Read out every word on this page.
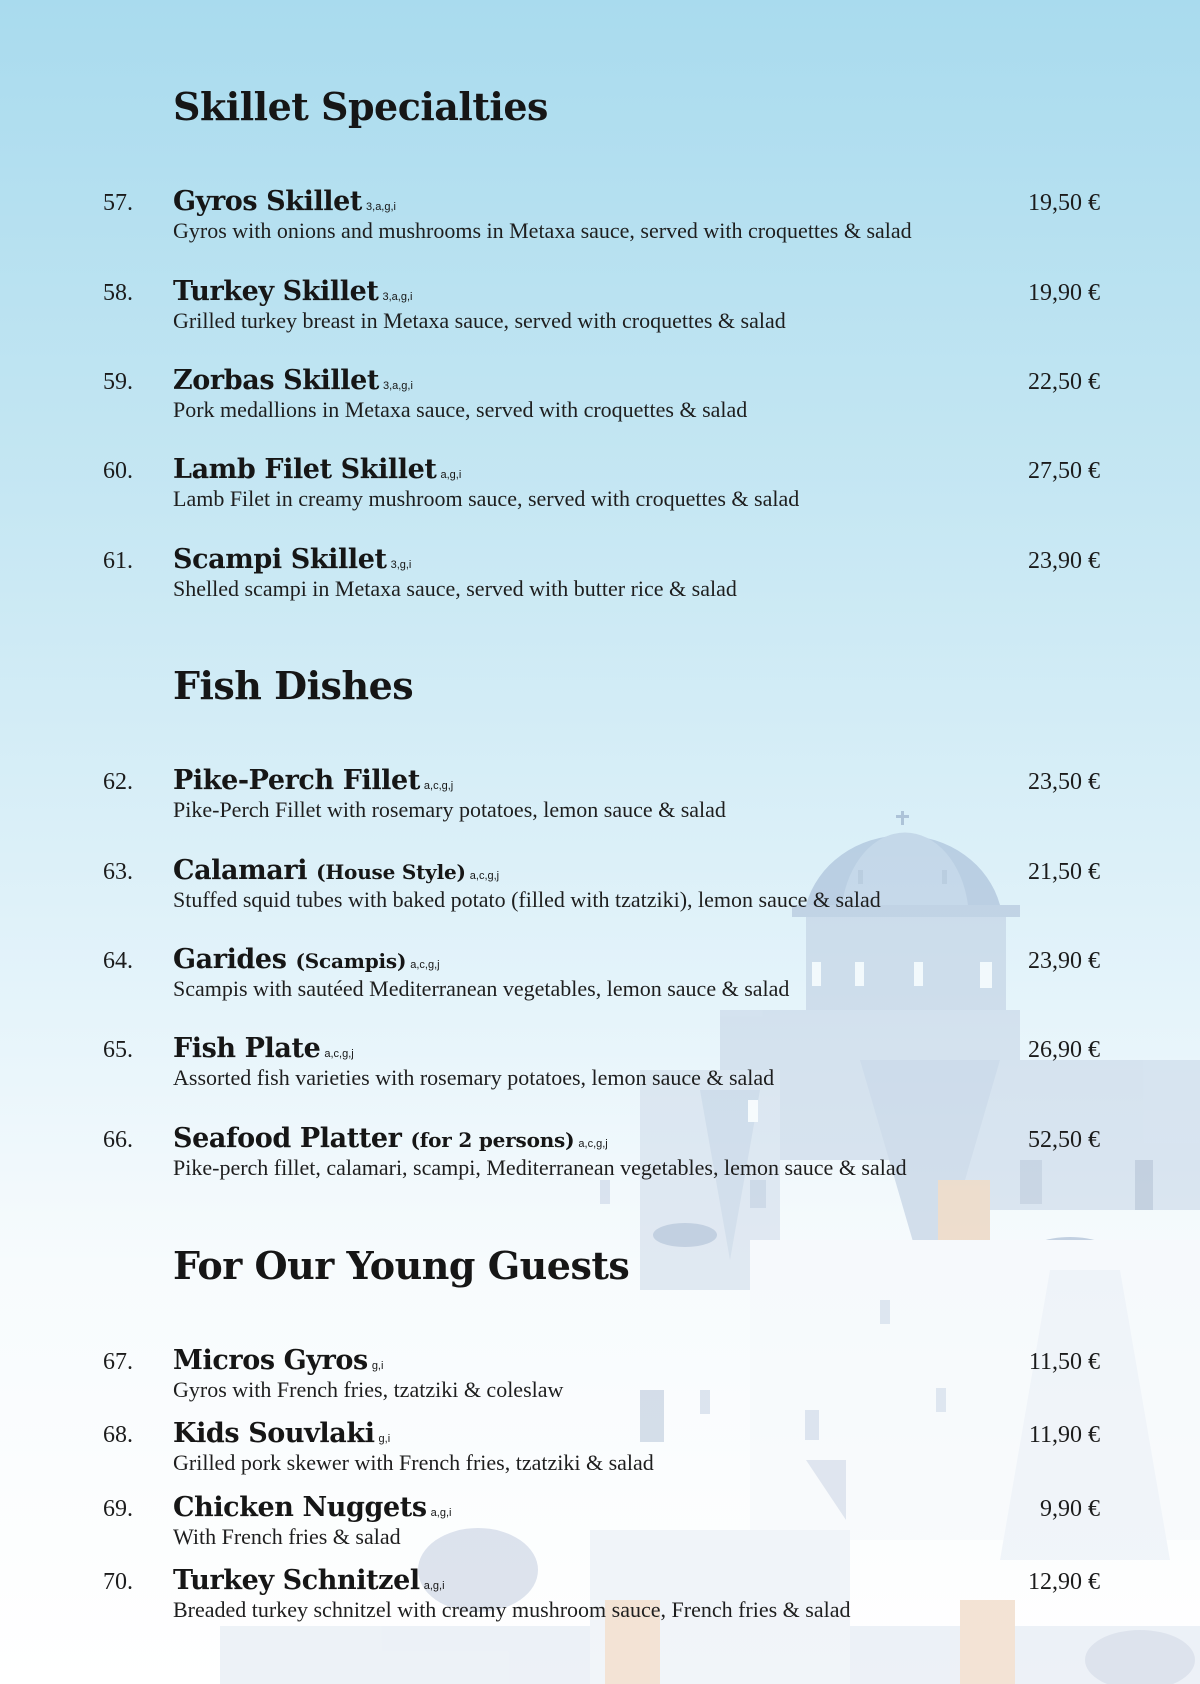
Skillet Specialties
57. Gyros Skillet 3,a,g,i	19,50 €
Gyros with onions and mushrooms in Metaxa sauce, served with croquettes & salad
58. Turkey Skillet 3,a,g,i	19,90 €
Grilled turkey breast in Metaxa sauce, served with croquettes & salad
59. Zorbas Skillet 3,a,g,i	22,50 €
Pork medallions in Metaxa sauce, served with croquettes & salad
60. Lamb Filet Skillet a,g,i	27,50 €
Lamb Filet in creamy mushroom sauce, served with croquettes & salad
61. Scampi Skillet 3,g,i	23,90 €
Shelled scampi in Metaxa sauce, served with butter rice & salad
Fish Dishes
62. Pike-Perch Fillet a,c,g,j	23,50 €
Pike-Perch Fillet with rosemary potatoes, lemon sauce & salad
63. Calamari (House Style) a,c,g,j	21,50 €
Stuffed squid tubes with baked potato (filled with tzatziki), lemon sauce & salad
64. Garides (Scampis) a,c,g,j	23,90 €
Scampis with sautéed Mediterranean vegetables, lemon sauce & salad
65. Fish Plate a,c,g,j	26,90 €
Assorted fish varieties with rosemary potatoes, lemon sauce & salad
66. Seafood Platter (for 2 persons) a,c,g,j	52,50 €
Pike-perch fillet, calamari, scampi, Mediterranean vegetables, lemon sauce & salad
For Our Young Guests
67. Micros Gyros g,i	11,50 €
Gyros with French fries, tzatziki & coleslaw
68. Kids Souvlaki g,i	11,90 €
Grilled pork skewer with French fries, tzatziki & salad
69. Chicken Nuggets a,g,i	9,90 €
With French fries & salad
70. Turkey Schnitzel a,g,i	12,90 €
Breaded turkey schnitzel with creamy mushroom sauce, French fries & salad
